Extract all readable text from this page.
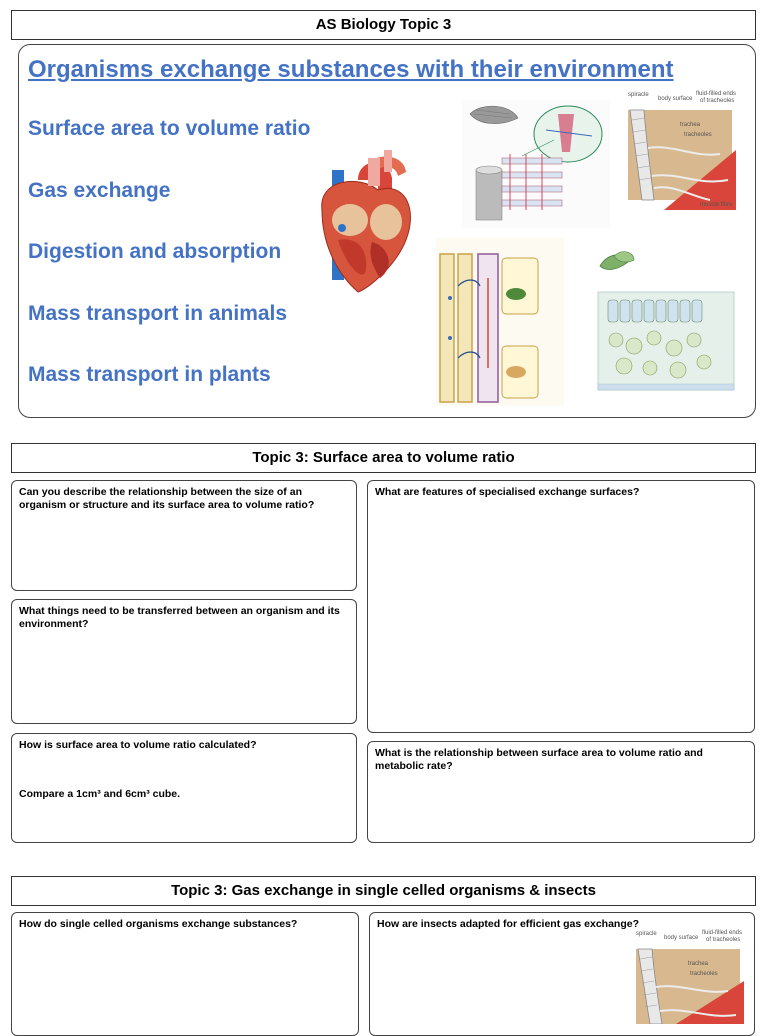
AS Biology Topic 3
Organisms exchange substances with their environment
Surface area to volume ratio
Gas exchange
Digestion and absorption
Mass transport in animals
Mass transport in plants
spiracle
body surface
fluid-filled ends
of tracheoles
trachea
tracheoles
muscle fibre
Topic 3: Surface area to volume ratio
Can you describe the relationship between the size of an organism or structure and its surface area to volume ratio?
What things need to be transferred between an organism and its environment?
How is surface area to volume ratio calculated?
Compare a 1cm³ and 6cm³ cube.
What are features of specialised exchange surfaces?
What is the relationship between surface area to volume ratio and metabolic rate?
Topic 3: Gas exchange in single celled organisms & insects
How do single celled organisms exchange substances?	How are insects adapted for efficient gas exchange?
spiracle
body surface
fluid-filled ends
of tracheoles
trachea
tracheoles
